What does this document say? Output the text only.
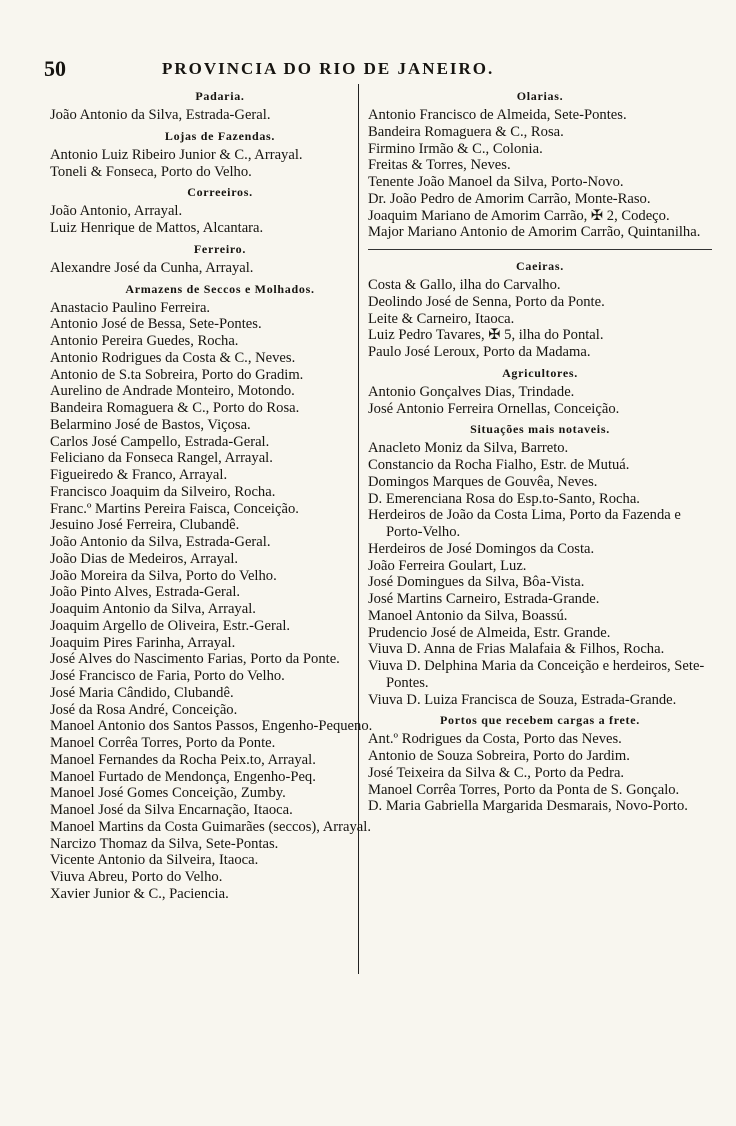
50	PROVINCIA DO RIO DE JANEIRO.
Padaria.
João Antonio da Silva, Estrada-Geral.
Lojas de Fazendas.
Antonio Luiz Ribeiro Junior & C., Arrayal.
Toneli & Fonseca, Porto do Velho.
Correeiros.
João Antonio, Arrayal.
Luiz Henrique de Mattos, Alcantara.
Ferreiro.
Alexandre José da Cunha, Arrayal.
Armazens de Seccos e Molhados.
Anastacio Paulino Ferreira.
Antonio José de Bessa, Sete-Pontes.
Antonio Pereira Guedes, Rocha.
Antonio Rodrigues da Costa & C., Neves.
Antonio de S.ta Sobreira, Porto do Gradim.
Aurelino de Andrade Monteiro, Motondo.
Bandeira Romaguera & C., Porto do Rosa.
Belarmino José de Bastos, Viçosa.
Carlos José Campello, Estrada-Geral.
Feliciano da Fonseca Rangel, Arrayal.
Figueiredo & Franco, Arrayal.
Francisco Joaquim da Silveiro, Rocha.
Franc.º Martins Pereira Faisca, Conceição.
Jesuino José Ferreira, Clubandê.
João Antonio da Silva, Estrada-Geral.
João Dias de Medeiros, Arrayal.
João Moreira da Silva, Porto do Velho.
João Pinto Alves, Estrada-Geral.
Joaquim Antonio da Silva, Arrayal.
Joaquim Argello de Oliveira, Estr.-Geral.
Joaquim Pires Farinha, Arrayal.
José Alves do Nascimento Farias, Porto da Ponte.
José Francisco de Faria, Porto do Velho.
José Maria Cândido, Clubandê.
José da Rosa André, Conceição.
Manoel Antonio dos Santos Passos, Engenho-Pequeno.
Manoel Corrêa Torres, Porto da Ponte.
Manoel Fernandes da Rocha Peix.to, Arrayal.
Manoel Furtado de Mendonça, Engenho-Peq.
Manoel José Gomes Conceição, Zumby.
Manoel José da Silva Encarnação, Itaoca.
Manoel Martins da Costa Guimarães (seccos), Arrayal.
Narcizo Thomaz da Silva, Sete-Pontas.
Vicente Antonio da Silveira, Itaoca.
Viuva Abreu, Porto do Velho.
Xavier Junior & C., Paciencia.
Olarias.
Antonio Francisco de Almeida, Sete-Pontes.
Bandeira Romaguera & C., Rosa.
Firmino Irmão & C., Colonia.
Freitas & Torres, Neves.
Tenente João Manoel da Silva, Porto-Novo.
Dr. João Pedro de Amorim Carrão, Monte-Raso.
Joaquim Mariano de Amorim Carrão, ✠ 2, Codeço.
Major Mariano Antonio de Amorim Carrão, Quintanilha.
Caeiras.
Costa & Gallo, ilha do Carvalho.
Deolindo José de Senna, Porto da Ponte.
Leite & Carneiro, Itaoca.
Luiz Pedro Tavares, ✠ 5, ilha do Pontal.
Paulo José Leroux, Porto da Madama.
Agricultores.
Antonio Gonçalves Dias, Trindade.
José Antonio Ferreira Ornellas, Conceição.
Situações mais notaveis.
Anacleto Moniz da Silva, Barreto.
Constancio da Rocha Fialho, Estr. de Mutuá.
Domingos Marques de Gouvêa, Neves.
D. Emerenciana Rosa do Esp.to-Santo, Rocha.
Herdeiros de João da Costa Lima, Porto da Fazenda e Porto-Velho.
Herdeiros de José Domingos da Costa.
João Ferreira Goulart, Luz.
José Domingues da Silva, Bôa-Vista.
José Martins Carneiro, Estrada-Grande.
Manoel Antonio da Silva, Boassú.
Prudencio José de Almeida, Estr. Grande.
Viuva D. Anna de Frias Malafaia & Filhos, Rocha.
Viuva D. Delphina Maria da Conceição e herdeiros, Sete-Pontes.
Viuva D. Luiza Francisca de Souza, Estrada-Grande.
Portos que recebem cargas a frete.
Ant.º Rodrigues da Costa, Porto das Neves.
Antonio de Souza Sobreira, Porto do Jardim.
José Teixeira da Silva & C., Porto da Pedra.
Manoel Corrêa Torres, Porto da Ponta de S. Gonçalo.
D. Maria Gabriella Margarida Desmarais, Novo-Porto.
